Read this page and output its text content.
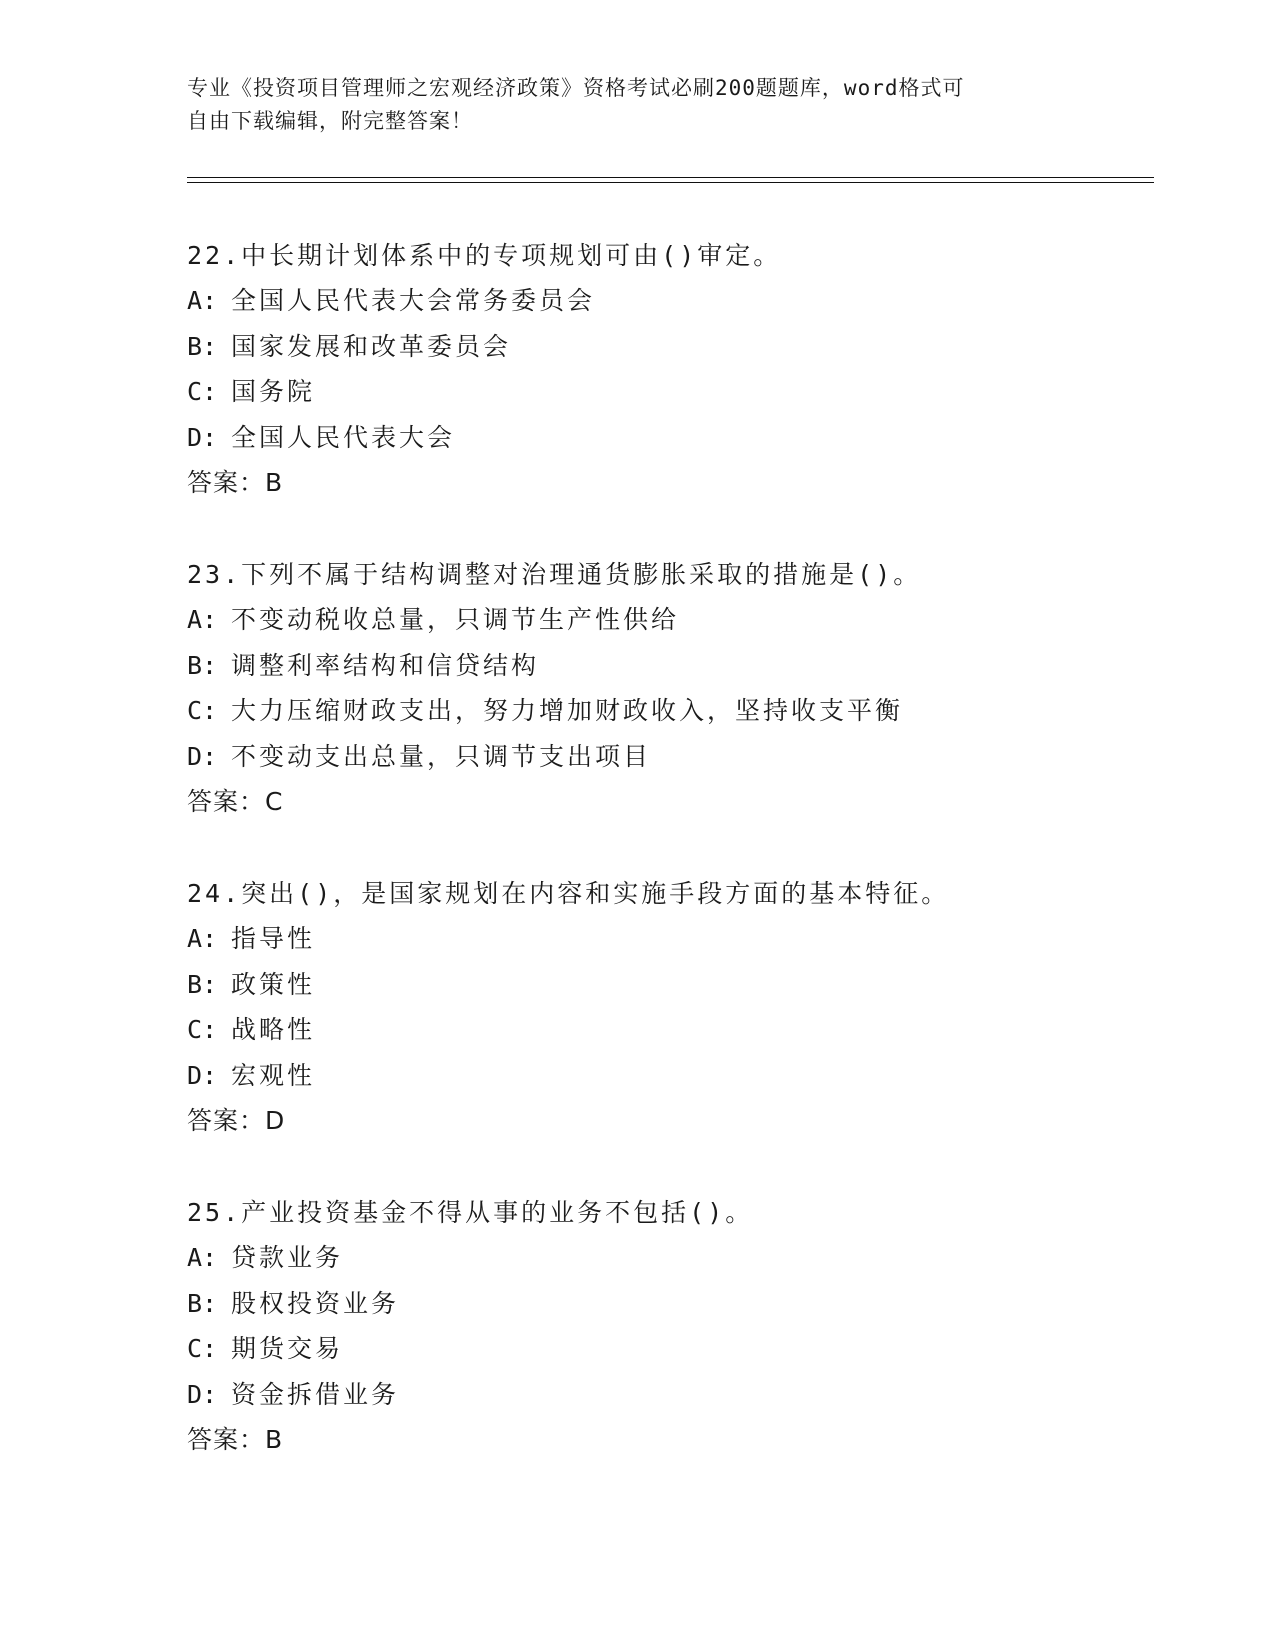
专业《投资项目管理师之宏观经济政策》资格考试必刷200题题库，word格式可
自由下载编辑，附完整答案！
22.中长期计划体系中的专项规划可由()审定。
A: 全国人民代表大会常务委员会
B: 国家发展和改革委员会
C: 国务院
D: 全国人民代表大会
答案：B
23.下列不属于结构调整对治理通货膨胀采取的措施是()。
A: 不变动税收总量，只调节生产性供给
B: 调整利率结构和信贷结构
C: 大力压缩财政支出，努力增加财政收入，坚持收支平衡
D: 不变动支出总量，只调节支出项目
答案：C
24.突出()，是国家规划在内容和实施手段方面的基本特征。
A: 指导性
B: 政策性
C: 战略性
D: 宏观性
答案：D
25.产业投资基金不得从事的业务不包括()。
A: 贷款业务
B: 股权投资业务
C: 期货交易
D: 资金拆借业务
答案：B
